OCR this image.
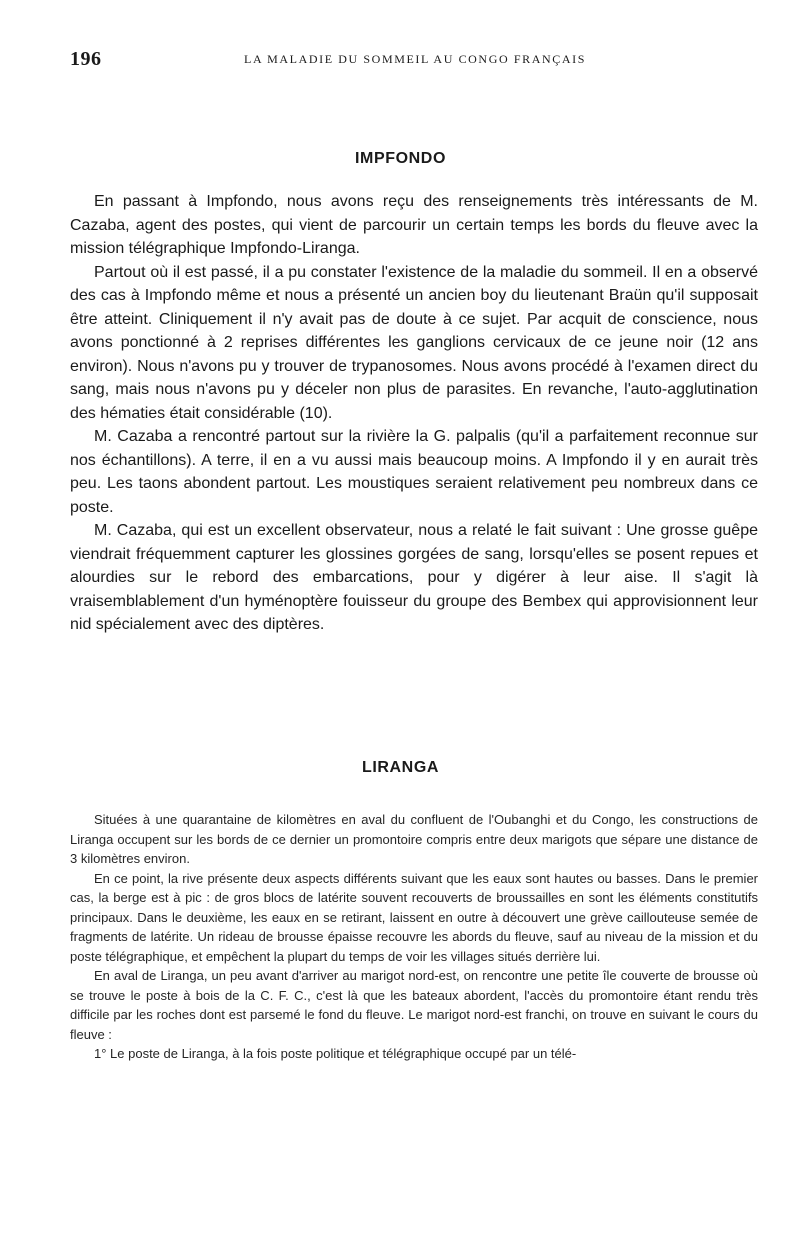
196	LA MALADIE DU SOMMEIL AU CONGO FRANÇAIS
IMPFONDO

En passant à Impfondo, nous avons reçu des renseignements très intéressants de M. Cazaba, agent des postes, qui vient de parcourir un certain temps les bords du fleuve avec la mission télégraphique Impfondo-Liranga.

Partout où il est passé, il a pu constater l'existence de la maladie du sommeil. Il en a observé des cas à Impfondo même et nous a présenté un ancien boy du lieutenant Braün qu'il supposait être atteint. Cliniquement il n'y avait pas de doute à ce sujet. Par acquit de conscience, nous avons ponctionné à 2 reprises différentes les ganglions cervicaux de ce jeune noir (12 ans environ). Nous n'avons pu y trouver de trypanosomes. Nous avons procédé à l'examen direct du sang, mais nous n'avons pu y déceler non plus de parasites. En revanche, l'auto-agglutination des hématies était considérable (10).

M. Cazaba a rencontré partout sur la rivière la G. palpalis (qu'il a parfaitement reconnue sur nos échantillons). A terre, il en a vu aussi mais beaucoup moins. A Impfondo il y en aurait très peu. Les taons abondent partout. Les moustiques seraient relativement peu nombreux dans ce poste.

M. Cazaba, qui est un excellent observateur, nous a relaté le fait suivant : Une grosse guêpe viendrait fréquemment capturer les glossines gorgées de sang, lorsqu'elles se posent repues et alourdies sur le rebord des embarcations, pour y digérer à leur aise. Il s'agit là vraisemblablement d'un hyménoptère fouisseur du groupe des Bembex qui approvisionnent leur nid spécialement avec des diptères.

LIRANGA

Situées à une quarantaine de kilomètres en aval du confluent de l'Oubanghi et du Congo, les constructions de Liranga occupent sur les bords de ce dernier un promontoire compris entre deux marigots que sépare une distance de 3 kilomètres environ.

En ce point, la rive présente deux aspects différents suivant que les eaux sont hautes ou basses. Dans le premier cas, la berge est à pic : de gros blocs de latérite souvent recouverts de broussailles en sont les éléments constitutifs principaux. Dans le deuxième, les eaux en se retirant, laissent en outre à découvert une grève caillouteuse semée de fragments de latérite. Un rideau de brousse épaisse recouvre les abords du fleuve, sauf au niveau de la mission et du poste télégraphique, et empêchent la plupart du temps de voir les villages situés derrière lui.

En aval de Liranga, un peu avant d'arriver au marigot nord-est, on rencontre une petite île couverte de brousse où se trouve le poste à bois de la C. F. C., c'est là que les bateaux abordent, l'accès du promontoire étant rendu très difficile par les roches dont est parsemé le fond du fleuve. Le marigot nord-est franchi, on trouve en suivant le cours du fleuve :

1° Le poste de Liranga, à la fois poste politique et télégraphique occupé par un télé-
